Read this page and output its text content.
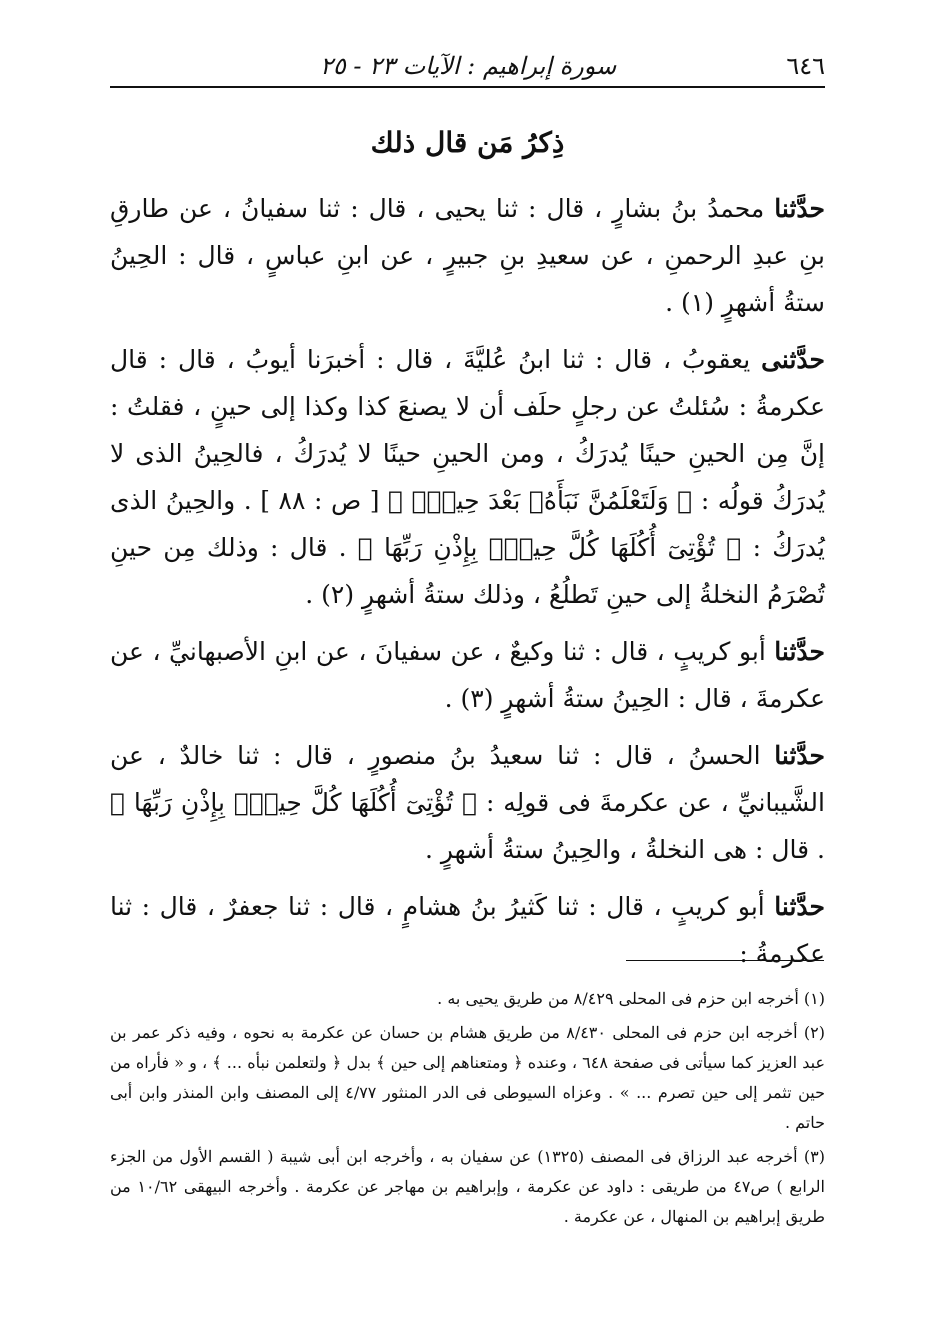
٦٤٦
سورة إبراهيم : الآيات ٢٣ - ٢٥
ذِكرُ مَن قال ذلك

حدَّثنا محمدُ بنُ بشارٍ ، قال : ثنا يحيى ، قال : ثنا سفيانُ ، عن طارقِ بنِ عبدِ الرحمنِ ، عن سعيدِ بنِ جبيرٍ ، عن ابنِ عباسٍ ، قال : الحِينُ ستةُ أشهرٍ (١) .

حدَّثنى يعقوبُ ، قال : ثنا ابنُ عُليَّةَ ، قال : أخبرَنا أيوبُ ، قال : قال عكرمةُ : سُئلتُ عن رجلٍ حلَف أن لا يصنعَ كذا وكذا إلى حينٍ ، فقلتُ : إنَّ مِن الحينِ حينًا يُدرَكُ ، ومن الحينِ حينًا لا يُدرَكُ ، فالحِينُ الذى لا يُدرَكُ قولُه : ﴿ وَلَتَعْلَمُنَّ نَبَأَهُۥ بَعْدَ حِينٍۭ ﴾ [ ص : ٨٨ ] . والحِينُ الذى يُدرَكُ : ﴿ تُؤْتِىٓ أُكُلَهَا كُلَّ حِينٍۭ بِإِذْنِ رَبِّهَا ﴾ . قال : وذلك مِن حينِ تُصْرَمُ النخلةُ إلى حينِ تَطلُعُ ، وذلك ستةُ أشهرٍ (٢) .

حدَّثنا أبو كريبٍ ، قال : ثنا وكيعٌ ، عن سفيانَ ، عن ابنِ الأصبهانيِّ ، عن عكرمةَ ، قال : الحِينُ ستةُ أشهرٍ (٣) .

حدَّثنا الحسنُ ، قال : ثنا سعيدُ بنُ منصورٍ ، قال : ثنا خالدٌ ، عن الشَّيبانيِّ ، عن عكرمةَ فى قولِه : ﴿ تُؤْتِىٓ أُكُلَهَا كُلَّ حِينٍۭ بِإِذْنِ رَبِّهَا ﴾ . قال : هى النخلةُ ، والحِينُ ستةُ أشهرٍ .

حدَّثنا أبو كريبٍ ، قال : ثنا كَثيرُ بنُ هشامٍ ، قال : ثنا جعفرٌ ، قال : ثنا عكرمةُ :

(١) أخرجه ابن حزم فى المحلى ٨/٤٢٩ من طريق يحيى به .

(٢) أخرجه ابن حزم فى المحلى ٨/٤٣٠ من طريق هشام بن حسان عن عكرمة به نحوه ، وفيه ذكر عمر بن عبد العزيز كما سيأتى فى صفحة ٦٤٨ ، وعنده ﴿ ومتعناهم إلى حين ﴾ بدل ﴿ ولتعلمن نبأه ... ﴾ ، و « فأراه من حين تثمر إلى حين تصرم ... » . وعزاه السيوطى فى الدر المنثور ٤/٧٧ إلى المصنف وابن المنذر وابن أبى حاتم .

(٣) أخرجه عبد الرزاق فى المصنف (١٣٢٥) عن سفيان به ، وأخرجه ابن أبى شيبة ( القسم الأول من الجزء الرابع ) ص٤٧ من طريقى : داود عن عكرمة ، وإبراهيم بن مهاجر عن عكرمة . وأخرجه البيهقى ١٠/٦٢ من طريق إبراهيم بن المنهال ، عن عكرمة .
